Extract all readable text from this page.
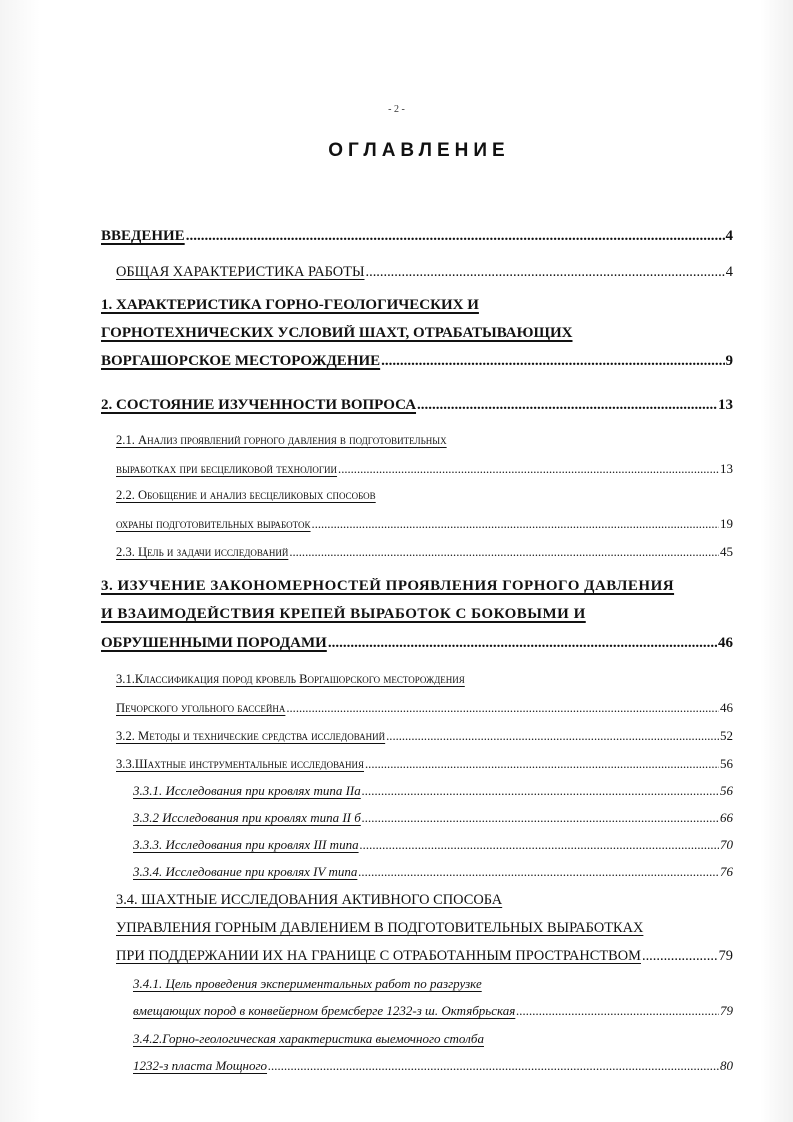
- 2 -
ОГЛАВЛЕНИЕ
ВВЕДЕНИЕ .....	4
ОБЩАЯ ХАРАКТЕРИСТИКА РАБОТЫ .....	4
1. ХАРАКТЕРИСТИКА ГОРНО-ГЕОЛОГИЧЕСКИХ И
ГОРНОТЕХНИЧЕСКИХ УСЛОВИЙ ШАХТ, ОТРАБАТЫВАЮЩИХ
ВОРГАШОРСКОЕ МЕСТОРОЖДЕНИЕ .....	9
2. СОСТОЯНИЕ ИЗУЧЕННОСТИ ВОПРОСА .....	13
2.1. Анализ проявлений горного давления в подготовительных
выработках при бесцеликовой технологии .....	13
2.2. Обобщение и анализ бесцеликовых способов
охраны подготовительных выработок .....	19
2.3. Цель и задачи исследований .....	45
3. ИЗУЧЕНИЕ ЗАКОНОМЕРНОСТЕЙ ПРОЯВЛЕНИЯ ГОРНОГО ДАВЛЕНИЯ
И ВЗАИМОДЕЙСТВИЯ КРЕПЕЙ ВЫРАБОТОК С БОКОВЫМИ И
ОБРУШЕННЫМИ ПОРОДАМИ .....	46
3.1.Классификация пород кровель Воргашорского месторождения
Печорского угольного бассейна .....	46
3.2. Методы и технические средства исследований .....	52
3.3.Шахтные инструментальные исследования .....	56
3.3.1. Исследования при кровлях типа IIа .....	56
3.3.2 Исследования при кровлях типа II б .....	66
3.3.3. Исследования при кровлях III типа .....	70
3.3.4. Исследование при кровлях IV типа .....	76
3.4. ШАХТНЫЕ ИССЛЕДОВАНИЯ АКТИВНОГО СПОСОБА
УПРАВЛЕНИЯ ГОРНЫМ ДАВЛЕНИЕМ В ПОДГОТОВИТЕЛЬНЫХ ВЫРАБОТКАХ
ПРИ ПОДДЕРЖАНИИ ИХ НА ГРАНИЦЕ С ОТРАБОТАННЫМ ПРОСТРАНСТВОМ .....	79
3.4.1. Цель проведения экспериментальных работ по разгрузке
вмещающих пород в конвейерном бремсберге 1232-з ш. Октябрьская .....	79
3.4.2.Горно-геологическая характеристика выемочного столба
1232-з пласта Мощного .....	80
